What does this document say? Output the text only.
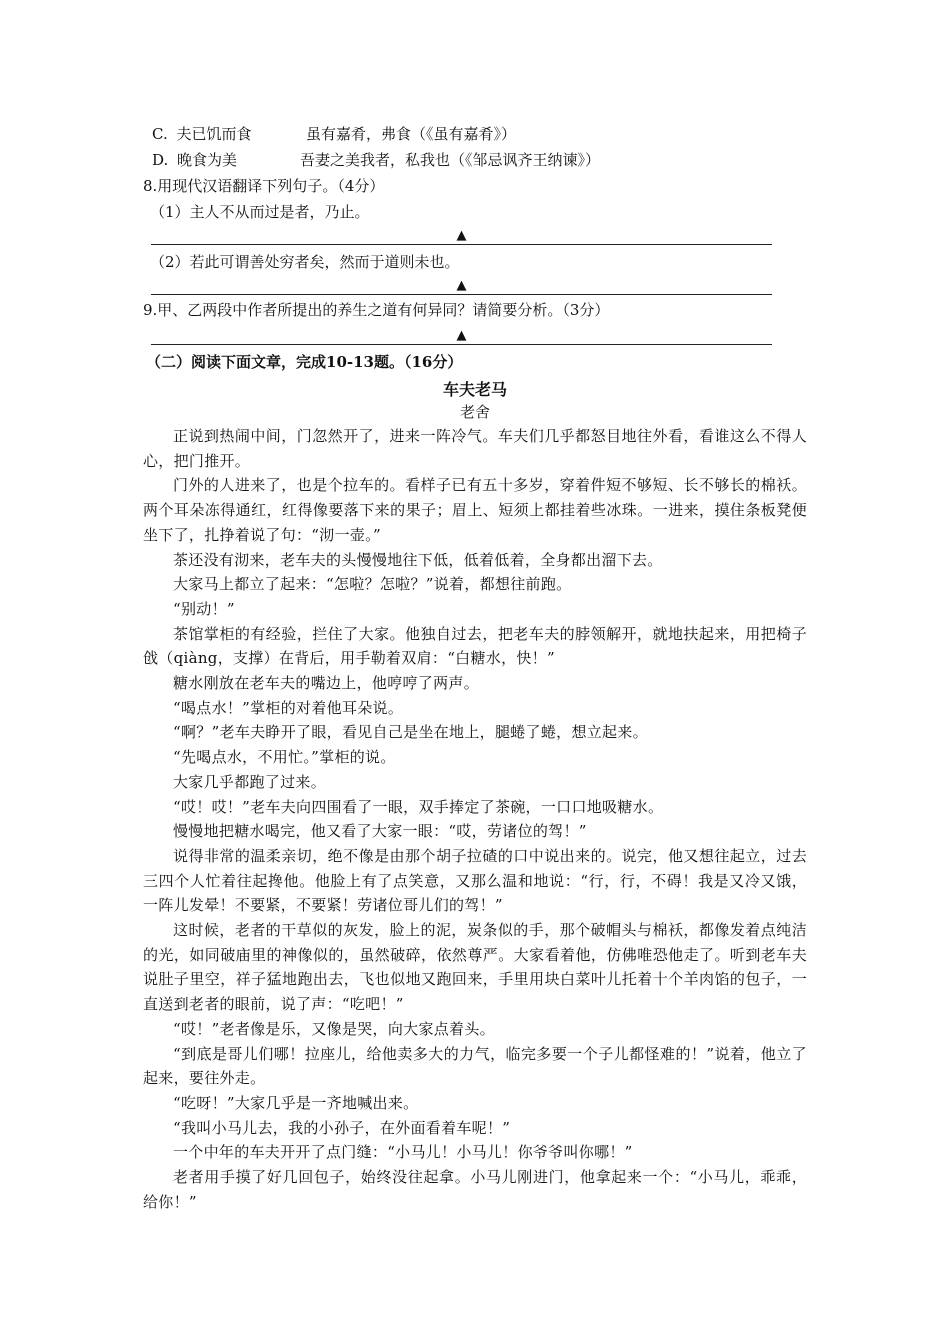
C. 夫已饥而食	虽有嘉肴，弗食（《虽有嘉肴》）
D. 晚食为美	吾妻之美我者，私我也（《邹忌讽齐王纳谏》）
8.用现代汉语翻译下列句子。（4分）
（1）主人不从而过是者，乃止。
▲
（2）若此可谓善处穷者矣，然而于道则未也。
▲
9.甲、乙两段中作者所提出的养生之道有何异同？请简要分析。（3分）
▲
（二）阅读下面文章，完成10-13题。（16分）
车夫老马
老舍

正说到热闹中间，门忽然开了，进来一阵冷气。车夫们几乎都怒目地往外看，看谁这么不得人心，把门推开。

门外的人进来了，也是个拉车的。看样子已有五十多岁，穿着件短不够短、长不够长的棉袄。两个耳朵冻得通红，红得像要落下来的果子；眉上、短须上都挂着些冰珠。一进来，摸住条板凳便坐下了，扎挣着说了句：“沏一壶。”

茶还没有沏来，老车夫的头慢慢地往下低，低着低着，全身都出溜下去。

大家马上都立了起来：“怎啦？怎啦？”说着，都想往前跑。

“别动！”

茶馆掌柜的有经验，拦住了大家。他独自过去，把老车夫的脖领解开，就地扶起来，用把椅子戗（qiàng，支撑）在背后，用手勒着双肩：“白糖水，快！”

糖水刚放在老车夫的嘴边上，他哼哼了两声。

“喝点水！”掌柜的对着他耳朵说。

“啊？”老车夫睁开了眼，看见自己是坐在地上，腿蜷了蜷，想立起来。

“先喝点水，不用忙。”掌柜的说。

大家几乎都跑了过来。

“哎！哎！”老车夫向四围看了一眼，双手捧定了茶碗，一口口地吸糖水。

慢慢地把糖水喝完，他又看了大家一眼：“哎，劳诸位的驾！”

说得非常的温柔亲切，绝不像是由那个胡子拉碴的口中说出来的。说完，他又想往起立，过去三四个人忙着往起搀他。他脸上有了点笑意，又那么温和地说：“行，行，不碍！我是又冷又饿，一阵儿发晕！不要紧，不要紧！劳诸位哥儿们的驾！”

这时候，老者的干草似的灰发，脸上的泥，炭条似的手，那个破帽头与棉袄，都像发着点纯洁的光，如同破庙里的神像似的，虽然破碎，依然尊严。大家看着他，仿佛唯恐他走了。听到老车夫说肚子里空，祥子猛地跑出去，飞也似地又跑回来，手里用块白菜叶儿托着十个羊肉馅的包子，一直送到老者的眼前，说了声：“吃吧！”

“哎！”老者像是乐，又像是哭，向大家点着头。

“到底是哥儿们哪！拉座儿，给他卖多大的力气，临完多要一个子儿都怪难的！”说着，他立了起来，要往外走。

“吃呀！”大家几乎是一齐地喊出来。

“我叫小马儿去，我的小孙子，在外面看着车呢！”

一个中年的车夫开开了点门缝：“小马儿！小马儿！你爷爷叫你哪！”

老者用手摸了好几回包子，始终没往起拿。小马儿刚进门，他拿起来一个：“小马儿，乖乖，给你！”
